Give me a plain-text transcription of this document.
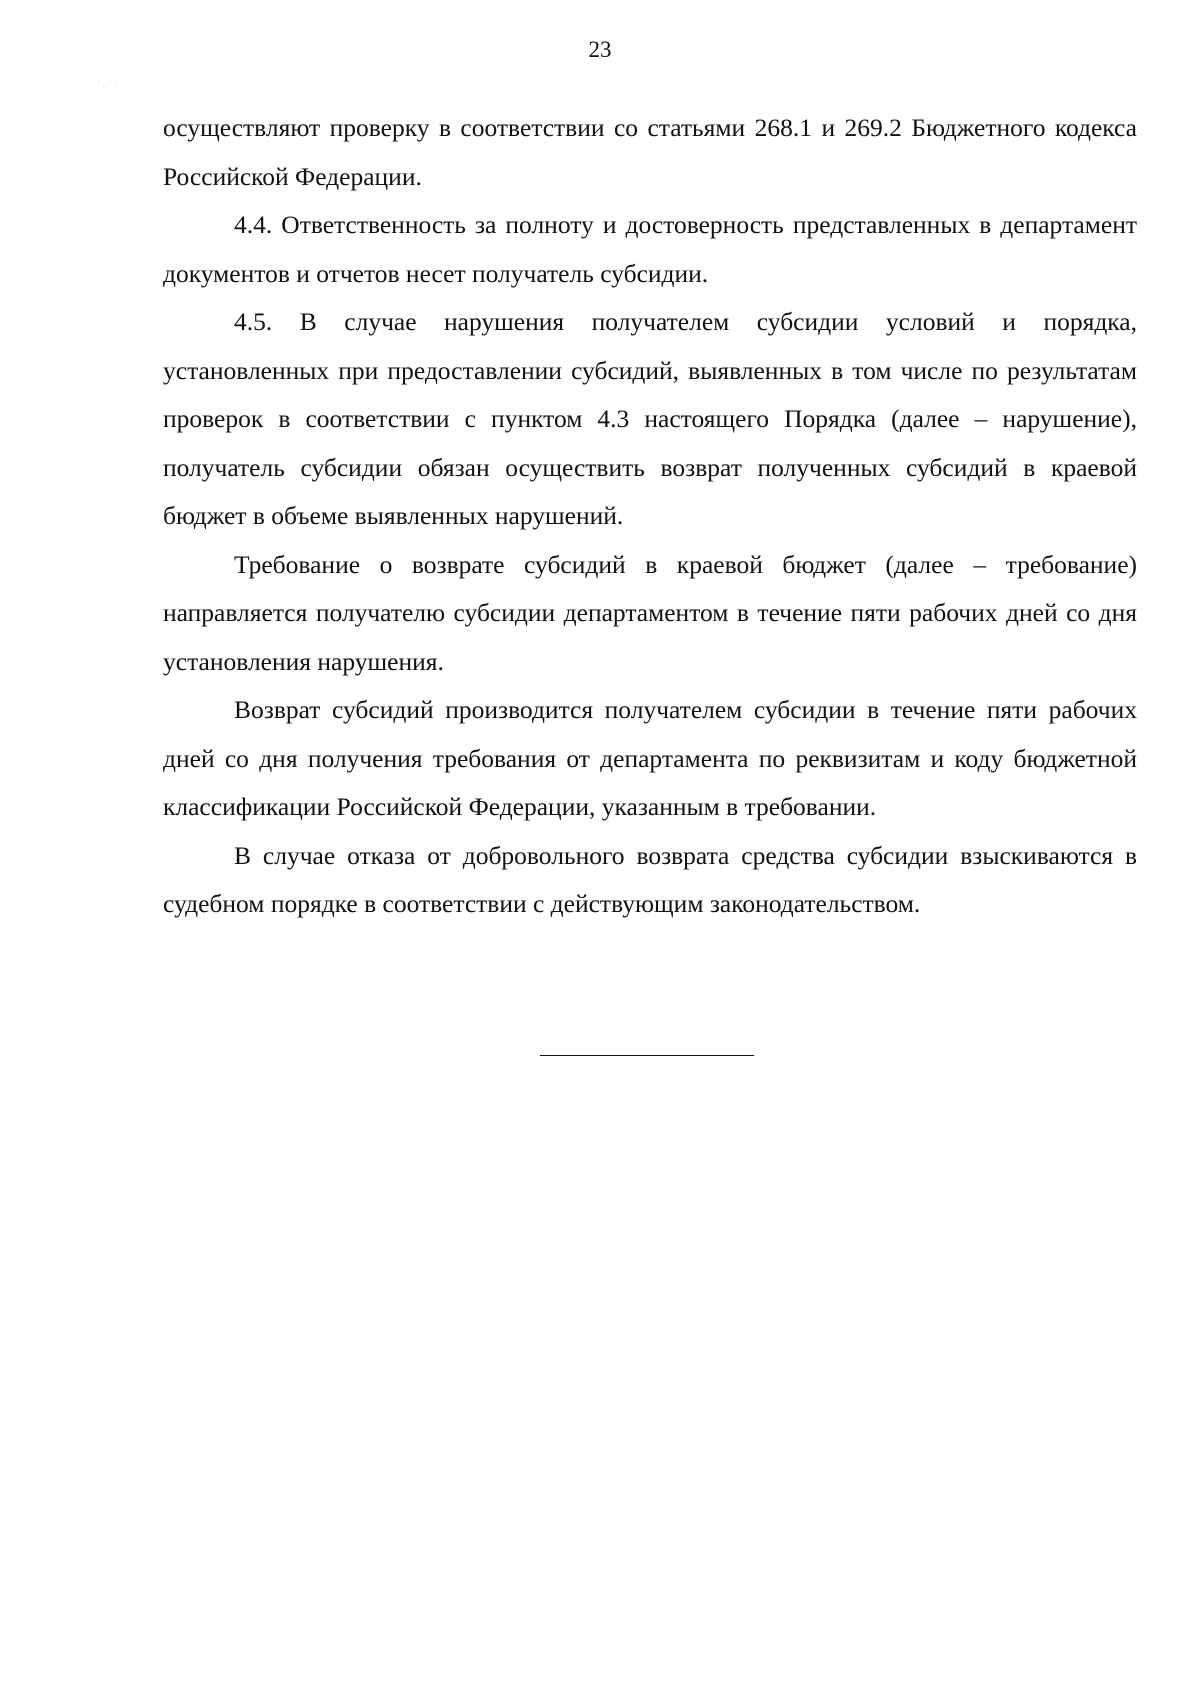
23

осуществляют проверку в соответствии со статьями 268.1 и 269.2 Бюджетного кодекса Российской Федерации.

4.4. Ответственность за полноту и достоверность представленных в департамент документов и отчетов несет получатель субсидии.

4.5. В случае нарушения получателем субсидии условий и порядка, установленных при предоставлении субсидий, выявленных в том числе по результатам проверок в соответствии с пунктом 4.3 настоящего Порядка (далее – нарушение), получатель субсидии обязан осуществить возврат полученных субсидий в краевой бюджет в объеме выявленных нарушений.

Требование о возврате субсидий в краевой бюджет (далее – требование) направляется получателю субсидии департаментом в течение пяти рабочих дней со дня установления нарушения.

Возврат субсидий производится получателем субсидии в течение пяти рабочих дней со дня получения требования от департамента по реквизитам и коду бюджетной классификации Российской Федерации, указанным в требовании.

В случае отказа от добровольного возврата средства субсидии взыскиваются в судебном порядке в соответствии с действующим законодательством.
